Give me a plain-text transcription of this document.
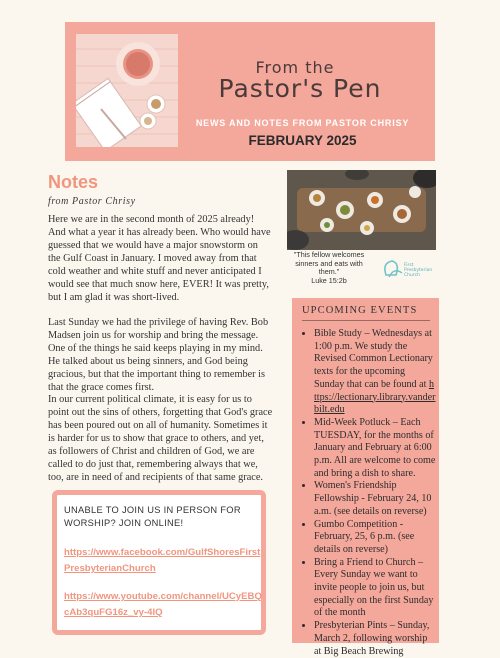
From the
Pastor's Pen
NEWS AND NOTES FROM PASTOR CHRISY
FEBRUARY 2025
Notes
from Pastor Chrisy

Here we are in the second month of 2025 already! And what a year it has already been. Who would have guessed that we would have a major snowstorm on the Gulf Coast in January. I moved away from that cold weather and white stuff and never anticipated I would see that much snow here, EVER! It was pretty, but I am glad it was short-lived.

Last Sunday we had the privilege of having Rev. Bob Madsen join us for worship and bring the message. One of the things he said keeps playing in my mind. He talked about us being sinners, and God being gracious, but that the important thing to remember is that the grace comes first.

In our current political climate, it is easy for us to point out the sins of others, forgetting that God's grace has been poured out on all of humanity. Sometimes it is harder for us to show that grace to others, and yet, as followers of Christ and children of God, we are called to do just that, remembering always that we, too, are in need of and recipients of that same grace.

UNABLE TO JOIN US IN PERSON FOR WORSHIP? JOIN ONLINE!
https://www.facebook.com/GulfShoresFirstPresbyterianChurch
https://www.youtube.com/channel/UCyEBQcAb3quFG16z_vy-4IQ
"This fellow welcomes sinners and eats with them."
Luke 15:2b
First
Presbyterian
Church
UPCOMING EVENTS
• Bible Study – Wednesdays at 1:00 p.m. We study the Revised Common Lectionary texts for the upcoming Sunday that can be found at https://lectionary.library.vanderbilt.edu
• Mid-Week Potluck – Each TUESDAY, for the months of January and February at 6:00 p.m. All are welcome to come and bring a dish to share.
• Women's Friendship Fellowship - February 24, 10 a.m. (see details on reverse)
• Gumbo Competition - February, 25, 6 p.m. (see details on reverse)
• Bring a Friend to Church – Every Sunday we want to invite people to join us, but especially on the first Sunday of the month
• Presbyterian Pints – Sunday, March 2, following worship at Big Beach Brewing
